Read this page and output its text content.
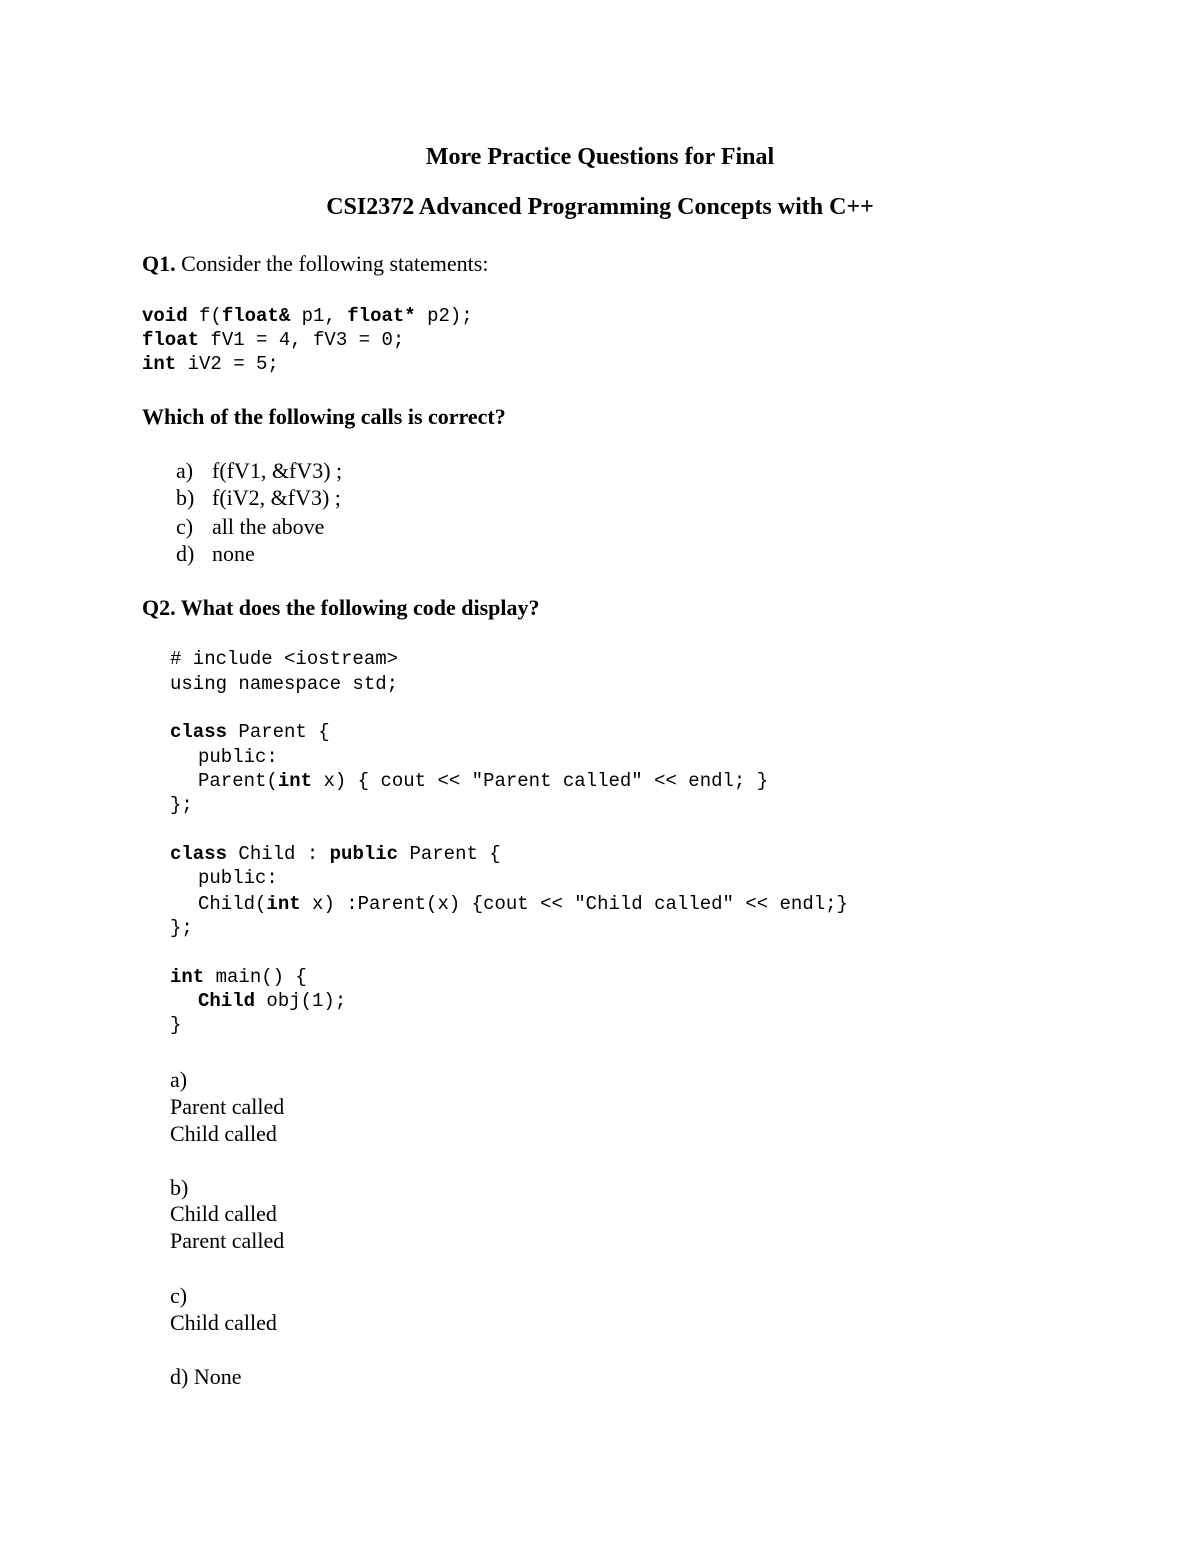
More Practice Questions for Final
CSI2372 Advanced Programming Concepts with C++
Q1. Consider the following statements:
void f(float& p1, float* p2);
float fV1 = 4, fV3 = 0;
int iV2 = 5;
Which of the following calls is correct?
a) f(fV1, &fV3) ;
b) f(iV2, &fV3) ;
c) all the above
d) none
Q2. What does the following code display?
# include <iostream>
using namespace std;
class Parent {
public:
Parent(int x) { cout << "Parent called" << endl; }
};
class Child : public Parent {
public:
Child(int x) :Parent(x) {cout << "Child called" << endl;}
};
int main() {
Child obj(1);
}
a)
Parent called
Child called
b)
Child called
Parent called
c)
Child called
d) None
